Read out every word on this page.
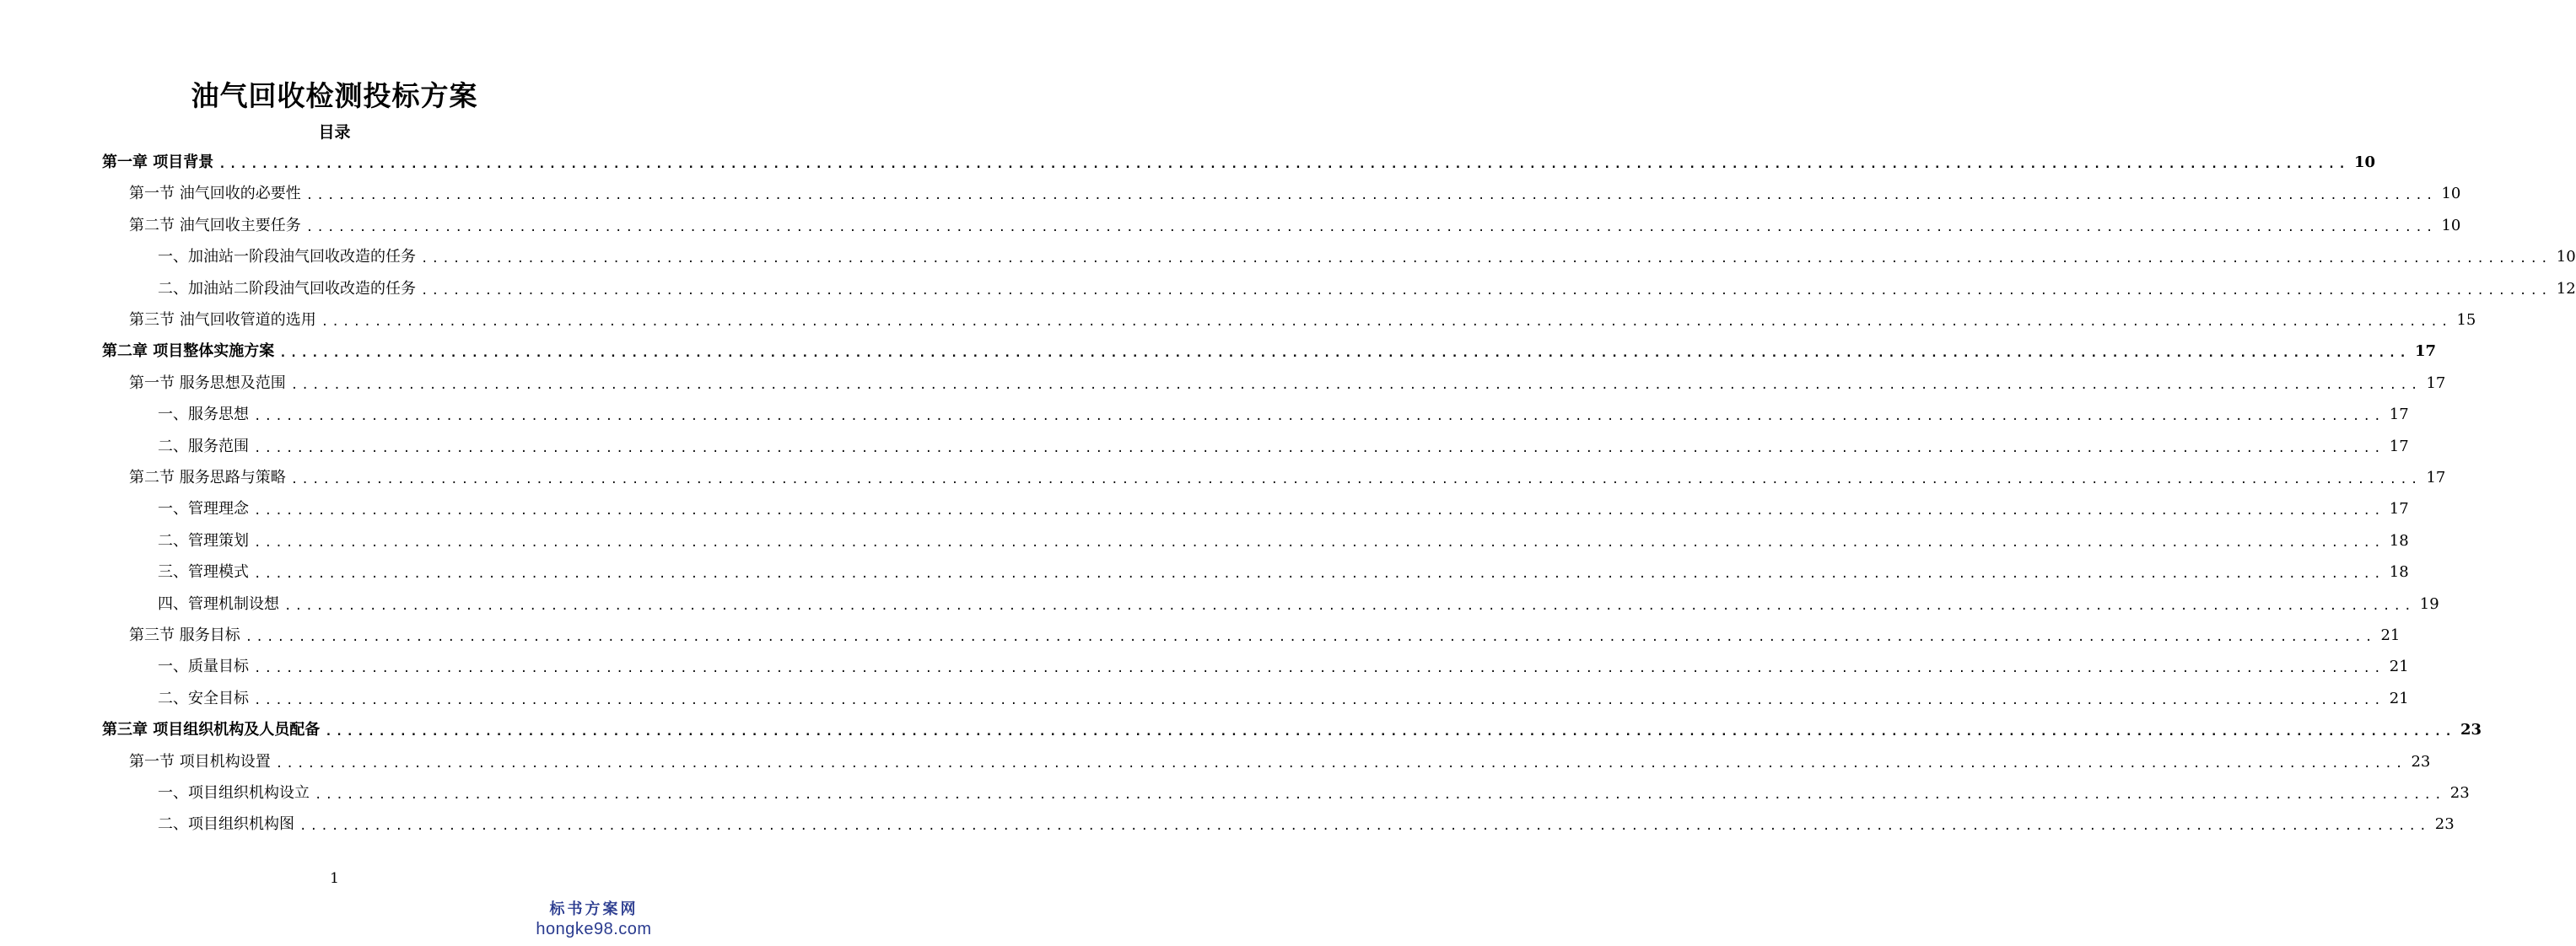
油气回收检测投标方案
目录
第一章 项目背景 ........................................................................................................................................................................................................ 10
第一节 油气回收的必要性 ........................................................................................................................................................................................................ 10
第二节 油气回收主要任务 ........................................................................................................................................................................................................ 10
一、加油站一阶段油气回收改造的任务 ........................................................................................................................................................................................................ 10
二、加油站二阶段油气回收改造的任务 ........................................................................................................................................................................................................ 12
第三节 油气回收管道的选用 ........................................................................................................................................................................................................ 15
第二章 项目整体实施方案 ........................................................................................................................................................................................................ 17
第一节 服务思想及范围 ........................................................................................................................................................................................................ 17
一、服务思想 ........................................................................................................................................................................................................ 17
二、服务范围 ........................................................................................................................................................................................................ 17
第二节 服务思路与策略 ........................................................................................................................................................................................................ 17
一、管理理念 ........................................................................................................................................................................................................ 17
二、管理策划 ........................................................................................................................................................................................................ 18
三、管理模式 ........................................................................................................................................................................................................ 18
四、管理机制设想 ........................................................................................................................................................................................................ 19
第三节 服务目标 ........................................................................................................................................................................................................ 21
一、质量目标 ........................................................................................................................................................................................................ 21
二、安全目标 ........................................................................................................................................................................................................ 21
第三章 项目组织机构及人员配备 ........................................................................................................................................................................................................ 23
第一节 项目机构设置 ........................................................................................................................................................................................................ 23
一、项目组织机构设立 ........................................................................................................................................................................................................ 23
二、项目组织机构图 ........................................................................................................................................................................................................ 23
1
标书方案网
hongke98.com
